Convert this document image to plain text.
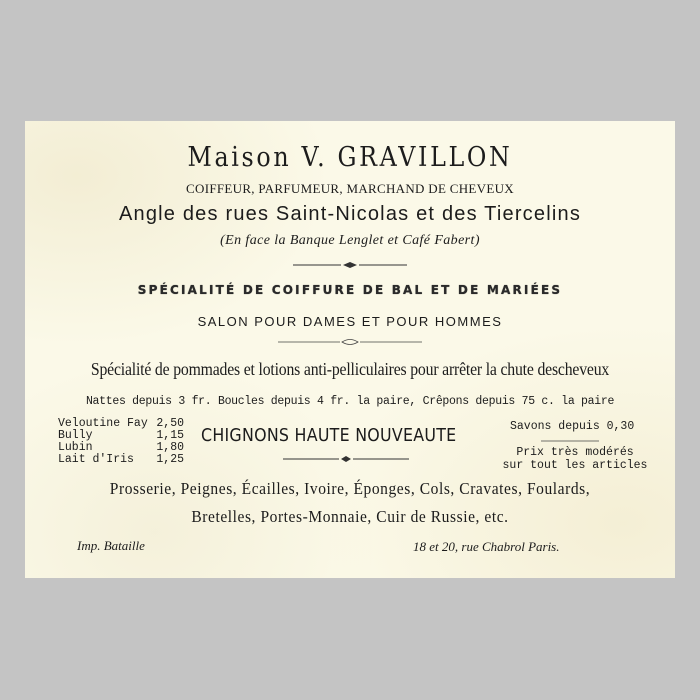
Maison V. GRAVILLON
COIFFEUR, PARFUMEUR, MARCHAND DE CHEVEUX
Angle des rues Saint-Nicolas et des Tiercelins
(En face la Banque Lenglet et Café Fabert)
SPÉCIALITÉ DE COIFFURE DE BAL ET DE MARIÉES
SALON POUR DAMES ET POUR HOMMES
Spécialité de pommades et lotions anti-pelliculaires pour arrêter la chute descheveux
Nattes depuis 3 fr. Boucles depuis 4 fr. la paire, Crêpons depuis 75 c. la paire
Veloutine Fay 2,50
Bully	1,15
Lubin	1,80
Lait d'Iris 1,25
CHIGNONS HAUTE NOUVEAUTE	Savons depuis 0,30
Prix très modérés
sur tout les articles
Prosserie, Peignes, Écailles, Ivoire, Éponges, Cols, Cravates, Foulards,
Bretelles, Portes-Monnaie, Cuir de Russie, etc.
Imp. Bataille	18 et 20, rue Chabrol Paris.
